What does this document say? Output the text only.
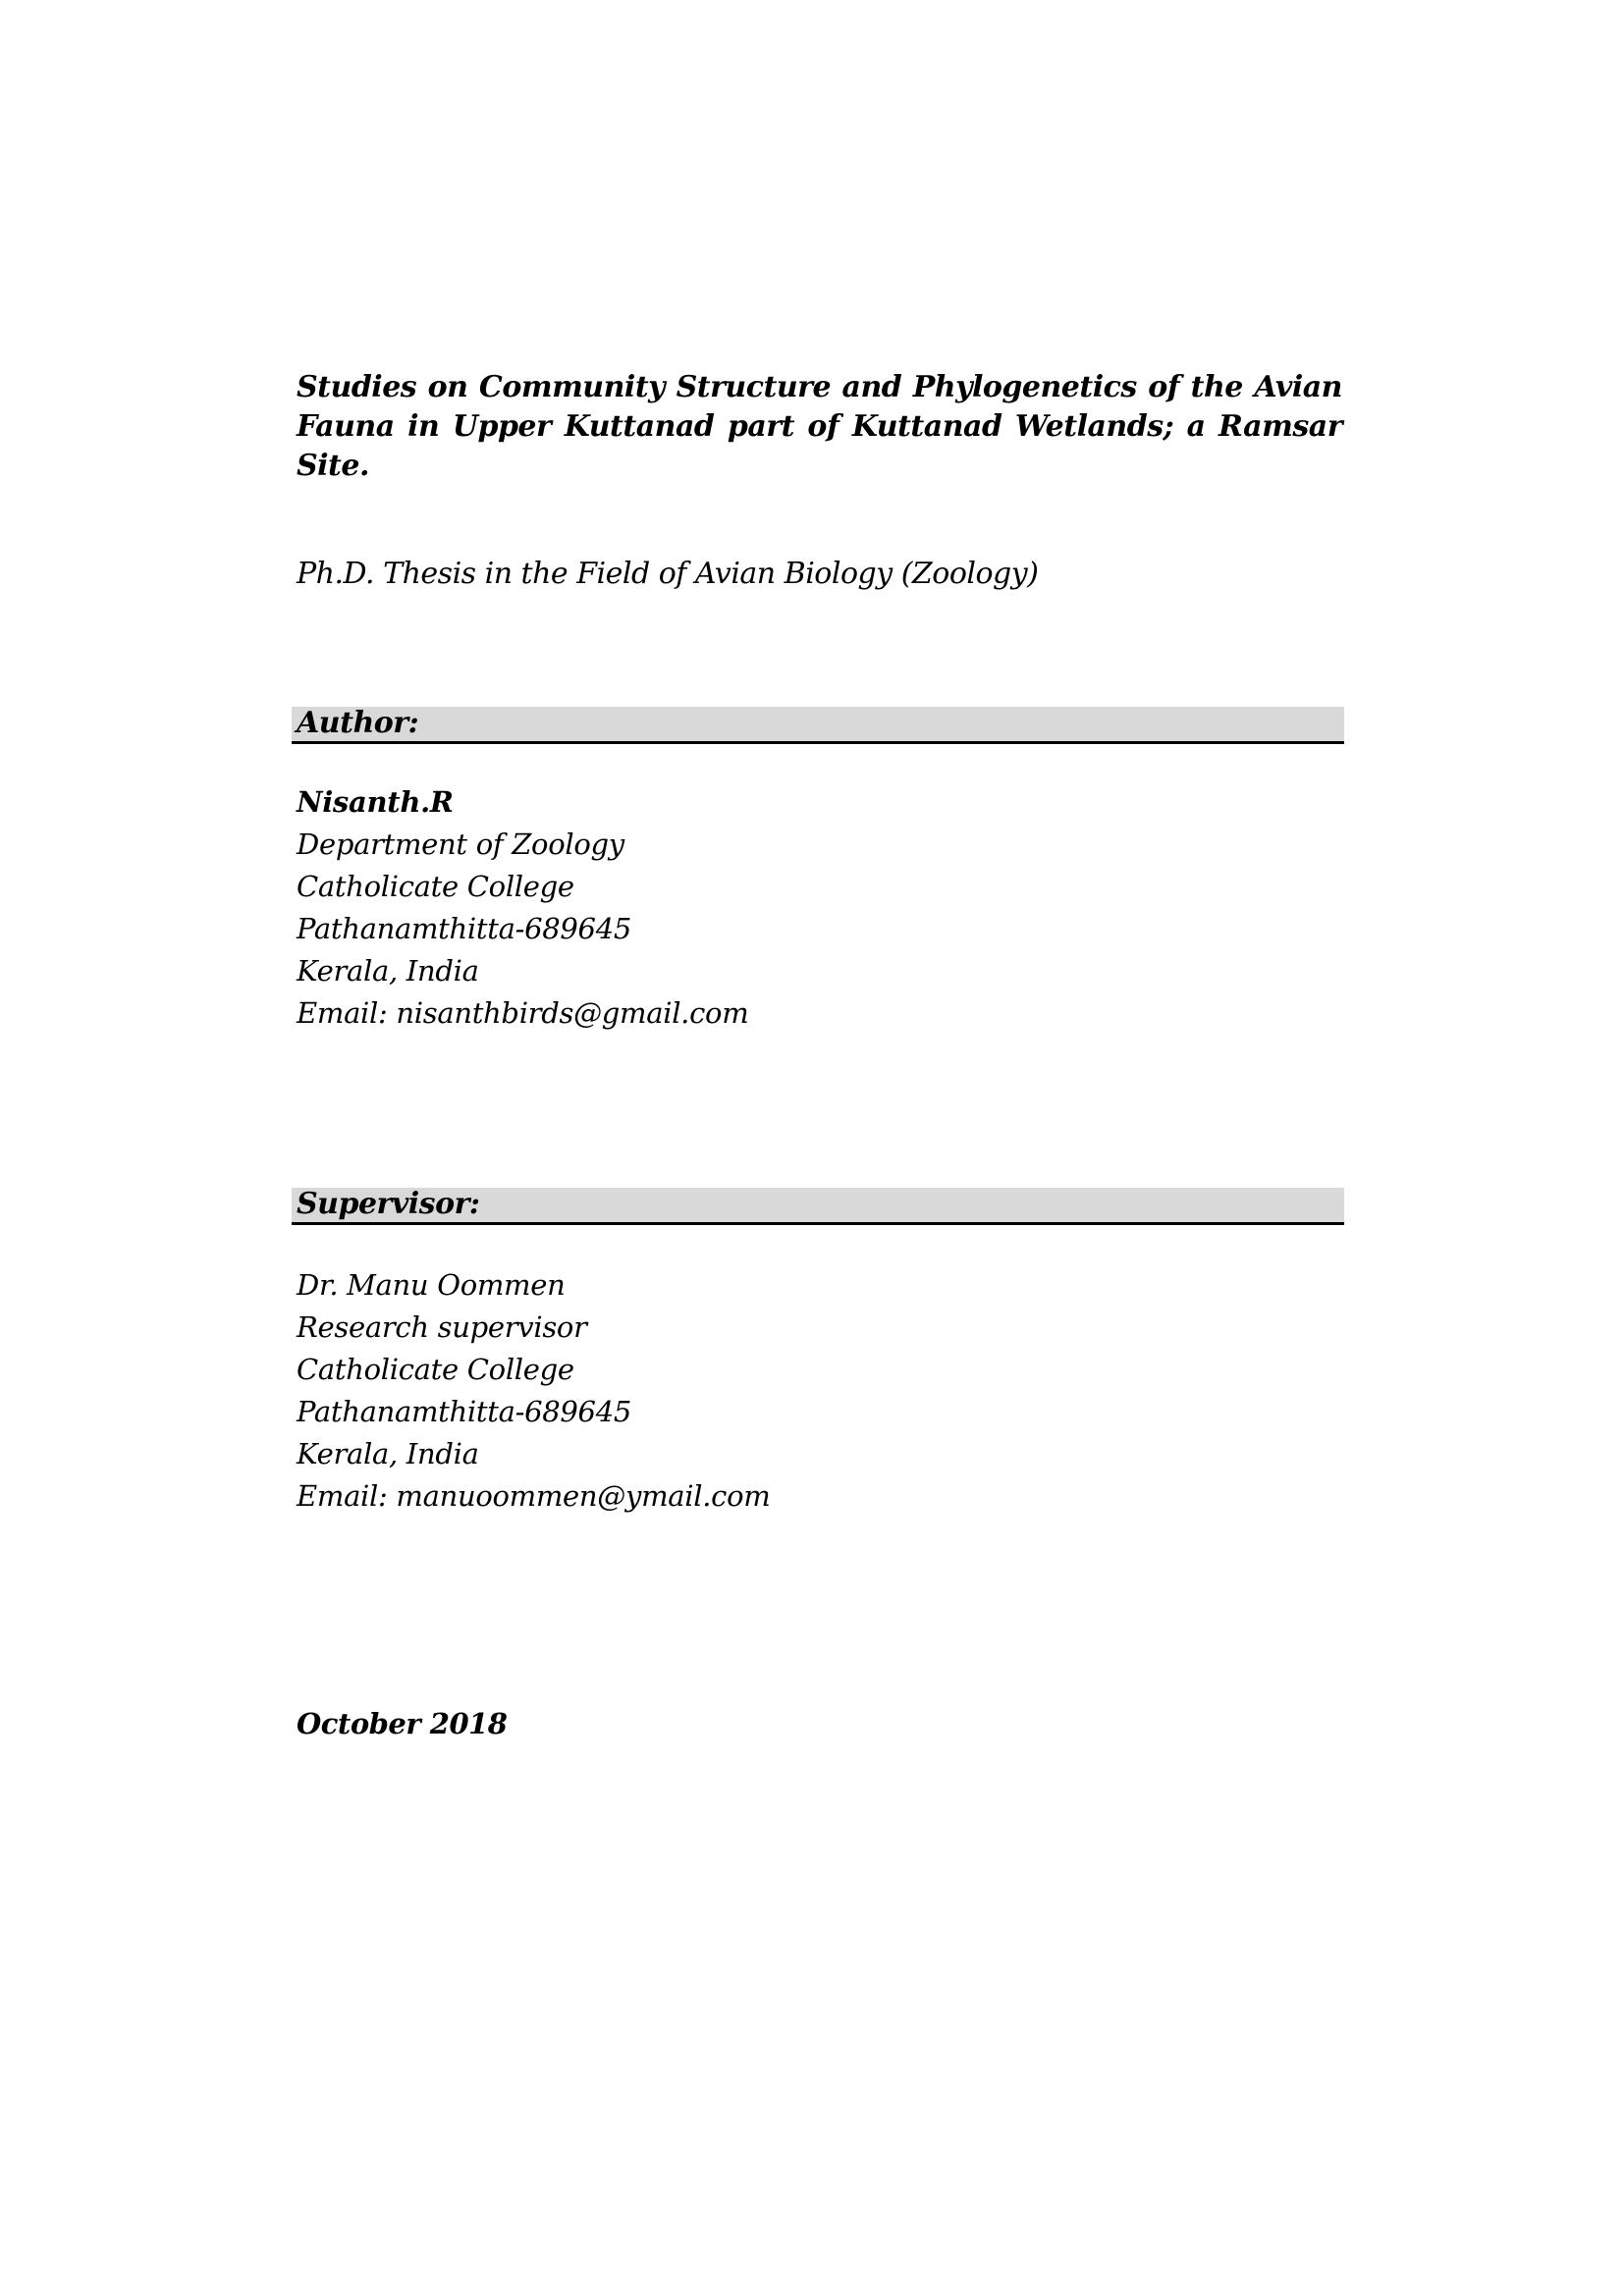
Studies on Community Structure and Phylogenetics of the Avian Fauna in Upper Kuttanad part of Kuttanad Wetlands; a Ramsar Site.
Ph.D. Thesis in the Field of Avian Biology (Zoology)
Author:
Nisanth.R
Department of Zoology
Catholicate College
Pathanamthitta-689645
Kerala, India
Email: nisanthbirds@gmail.com
Supervisor:
Dr. Manu Oommen
Research supervisor
Catholicate College
Pathanamthitta-689645
Kerala, India
Email: manuoommen@ymail.com
October 2018
